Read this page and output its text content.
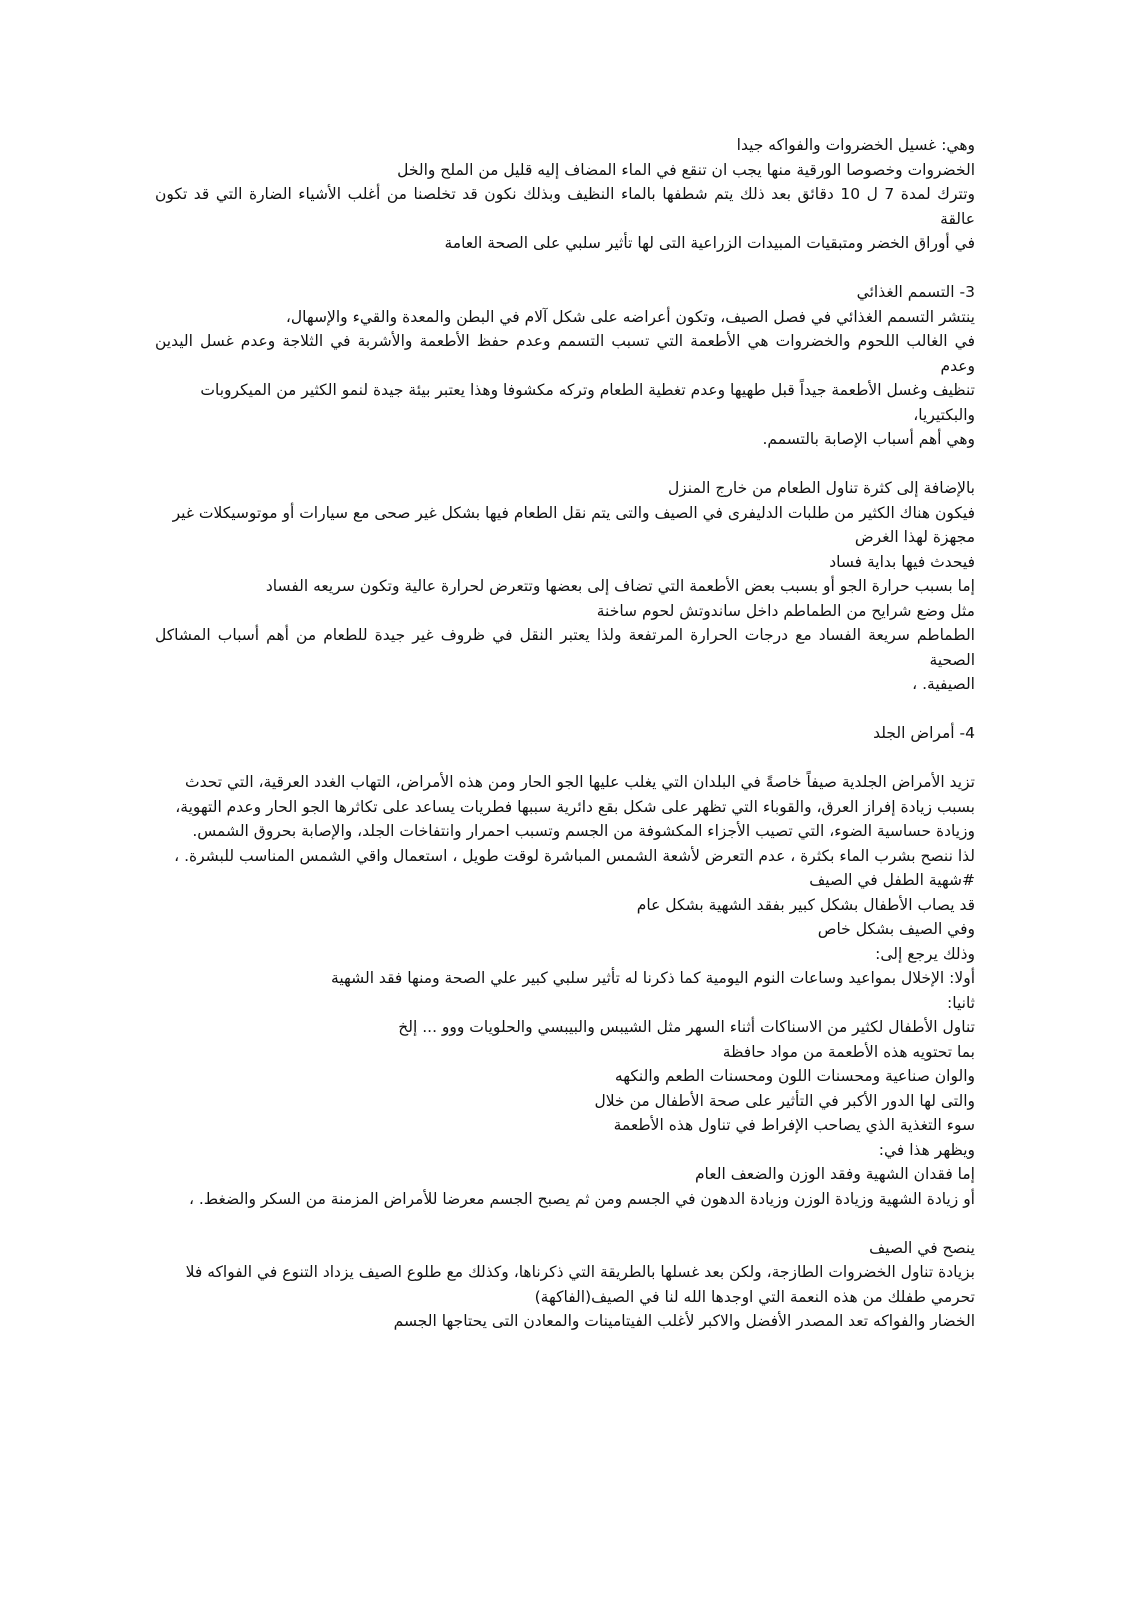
وهي: غسيل الخضروات والفواكه جيدا
الخضروات وخصوصا الورقية منها يجب ان تنقع في الماء المضاف إليه قليل من الملح والخل
وتترك لمدة 7 ل 10 دقائق بعد ذلك يتم شطفها بالماء النظيف وبذلك نكون قد تخلصنا من أغلب الأشياء الضارة التي قد تكون عالقة
في أوراق الخضر ومتبقيات المبيدات الزراعية التى لها تأثير سلبي على الصحة العامة
3- التسمم الغذائي
ينتشر التسمم الغذائي في فصل الصيف، وتكون أعراضه على شكل آلام في البطن والمعدة والقيء والإسهال،
في الغالب اللحوم والخضروات هي الأطعمة التي تسبب التسمم وعدم حفظ الأطعمة والأشربة في الثلاجة وعدم غسل اليدين وعدم
تنظيف وغسل الأطعمة جيداً قبل طهيها وعدم تغطية الطعام وتركه مكشوفا وهذا يعتبر بيئة جيدة لنمو الكثير من الميكروبات
والبكتيريا،
وهي أهم أسباب الإصابة بالتسمم.
بالإضافة إلى كثرة تناول الطعام من خارج المنزل
فيكون هناك الكثير من طلبات الدليفرى في الصيف والتى يتم نقل الطعام فيها بشكل غير صحى مع سيارات أو موتوسيكلات غير
مجهزة لهذا الغرض
فيحدث فيها بداية فساد
إما بسبب حرارة الجو أو بسبب بعض الأطعمة التي تضاف إلى بعضها وتتعرض لحرارة عالية وتكون سريعه الفساد
مثل وضع شرايح من الطماطم داخل ساندوتش لحوم ساخنة
الطماطم سريعة الفساد مع درجات الحرارة المرتفعة ولذا يعتبر النقل في ظروف غير جيدة للطعام من أهم أسباب المشاكل الصحية
الصيفية. ،
4- أمراض الجلد
تزيد الأمراض الجلدية صيفاً خاصةً في البلدان التي يغلب عليها الجو الحار ومن هذه الأمراض، التهاب الغدد العرقية، التي تحدث
بسبب زيادة إفراز العرق، والقوباء التي تظهر على شكل بقع دائرية سببها فطريات يساعد على تكاثرها الجو الحار وعدم التهوية،
وزيادة حساسية الضوء، التي تصيب الأجزاء المكشوفة من الجسم وتسبب احمرار وانتفاخات الجلد، والإصابة بحروق الشمس.
لذا ننصح بشرب الماء بكثرة ، عدم التعرض لأشعة الشمس المباشرة لوقت طويل ، استعمال واقي الشمس المناسب للبشرة. ،
#شهية الطفل في الصيف
قد يصاب الأطفال بشكل كبير بفقد الشهية بشكل عام
وفي الصيف بشكل خاص
وذلك يرجع إلى:
أولا: الإخلال بمواعيد وساعات النوم اليومية كما ذكرنا له تأثير سلبي كبير علي الصحة ومنها فقد الشهية
ثانيا:
تناول الأطفال لكثير من الاسناكات أثناء السهر مثل الشيبس والبيبسي والحلويات ووو ... إلخ
بما تحتويه هذه الأطعمة من مواد حافظة
والوان صناعية ومحسنات اللون ومحسنات الطعم والنكهه
والتى لها الدور الأكبر في التأثير على صحة الأطفال من خلال
سوء التغذية الذي يصاحب الإفراط في تناول هذه الأطعمة
ويظهر هذا في:
إما فقدان الشهية وفقد الوزن والضعف العام
أو زيادة الشهية وزيادة الوزن وزيادة الدهون في الجسم ومن ثم يصبح الجسم معرضا للأمراض المزمنة من السكر والضغط. ،
ينصح في الصيف
بزيادة تناول الخضروات الطازجة، ولكن بعد غسلها بالطريقة التي ذكرناها، وكذلك مع طلوع الصيف يزداد التنوع في الفواكه فلا
تحرمي طفلك من هذه النعمة التي اوجدها الله لنا في الصيف(الفاكهة)
الخضار والفواكه تعد المصدر الأفضل والاكبر لأغلب الفيتامينات والمعادن التى يحتاجها الجسم
